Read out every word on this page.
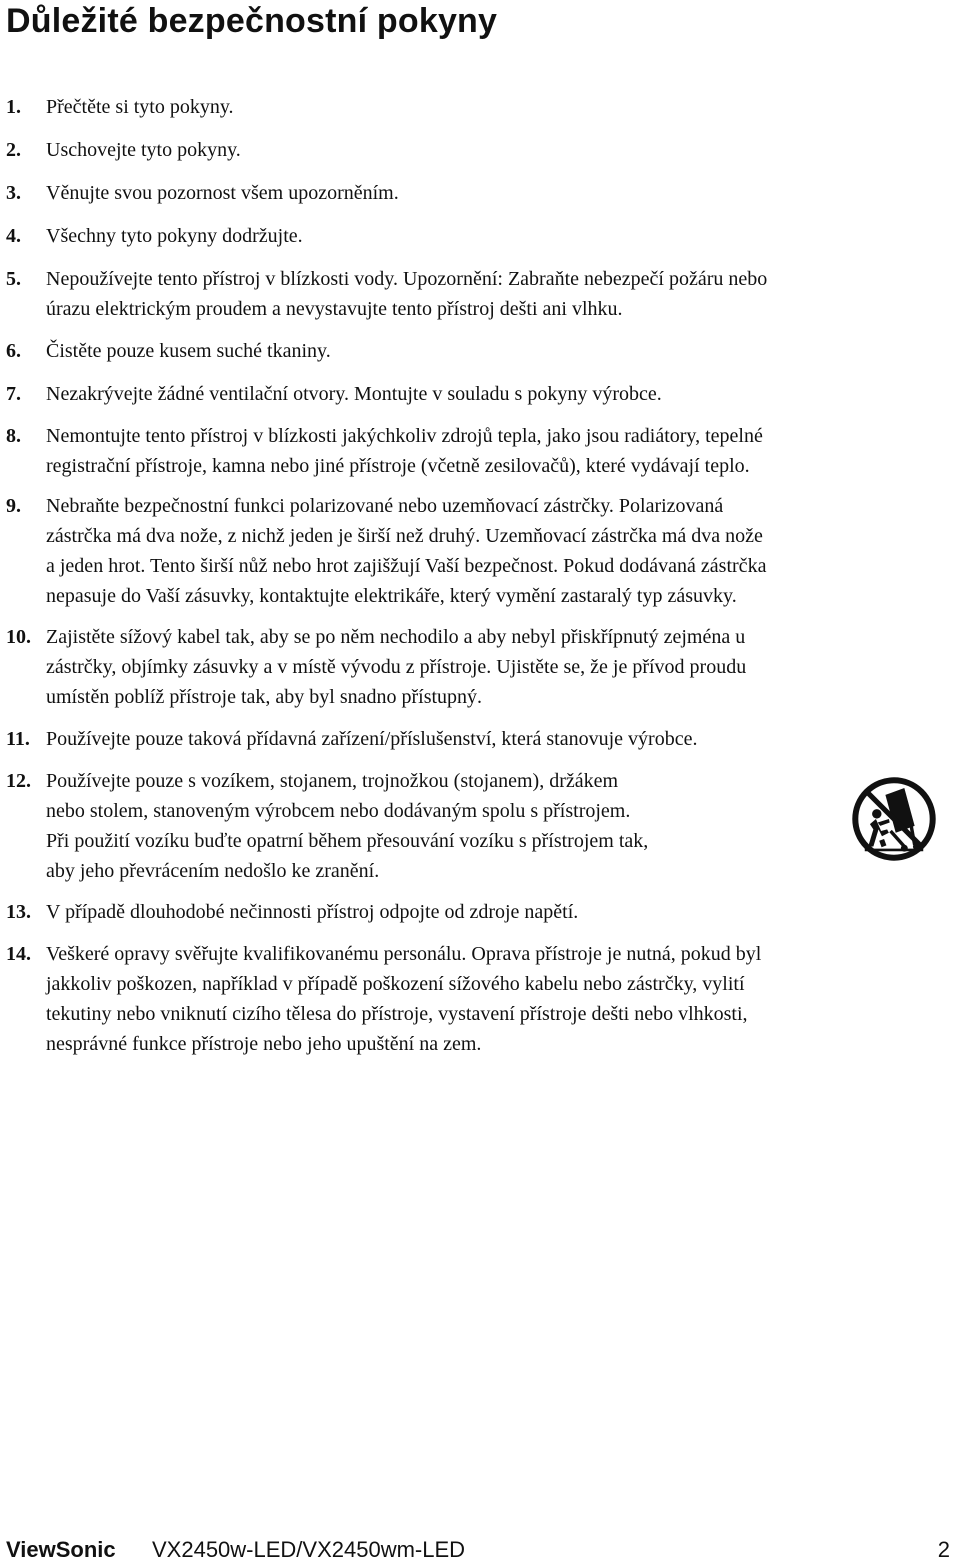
Důležité bezpečnostní pokyny
1.	Přečtěte si tyto pokyny.
2.	Uschovejte tyto pokyny.
3.	Věnujte svou pozornost všem upozorněním.
4.	Všechny tyto pokyny dodržujte.
5.	Nepoužívejte tento přístroj v blízkosti vody. Upozornění: Zabraňte nebezpečí požáru nebo
úrazu elektrickým proudem a nevystavujte tento přístroj dešti ani vlhku.
6.	Čistěte pouze kusem suché tkaniny.
7.	Nezakrývejte žádné ventilační otvory. Montujte v souladu s pokyny výrobce.
8.	Nemontujte tento přístroj v blízkosti jakýchkoliv zdrojů tepla, jako jsou radiátory, tepelné
registrační přístroje, kamna nebo jiné přístroje (včetně zesilovačů), které vydávají teplo.
9.	Nebraňte bezpečnostní funkci polarizované nebo uzemňovací zástrčky. Polarizovaná
zástrčka má dva nože, z nichž jeden je širší než druhý. Uzemňovací zástrčka má dva nože
a jeden hrot. Tento širší nůž nebo hrot zajišžují Vaší bezpečnost. Pokud dodávaná zástrčka
nepasuje do Vaší zásuvky, kontaktujte elektrikáře, který vymění zastaralý typ zásuvky.
10. Zajistěte sížový kabel tak, aby se po něm nechodilo a aby nebyl přiskřípnutý zejména u
zástrčky, objímky zásuvky a v místě vývodu z přístroje. Ujistěte se, že je přívod proudu
umístěn poblíž přístroje tak, aby byl snadno přístupný.
11. Používejte pouze taková přídavná zařízení/příslušenství, která stanovuje výrobce.
12. Používejte pouze s vozíkem, stojanem, trojnožkou (stojanem), držákem
nebo stolem, stanoveným výrobcem nebo dodávaným spolu s přístrojem.
Při použití vozíku buďte opatrní během přesouvání vozíku s přístrojem tak,
aby jeho převrácením nedošlo ke zranění.
13. V případě dlouhodobé nečinnosti přístroj odpojte od zdroje napětí.
14. Veškeré opravy svěřujte kvalifikovanému personálu. Oprava přístroje je nutná, pokud byl
jakkoliv poškozen, například v případě poškození sížového kabelu nebo zástrčky, vylití
tekutiny nebo vniknutí cizího tělesa do přístroje, vystavení přístroje dešti nebo vlhkosti,
nesprávné funkce přístroje nebo jeho upuštění na zem.
ViewSonic VX2450w-LED/VX2450wm-LED	2
